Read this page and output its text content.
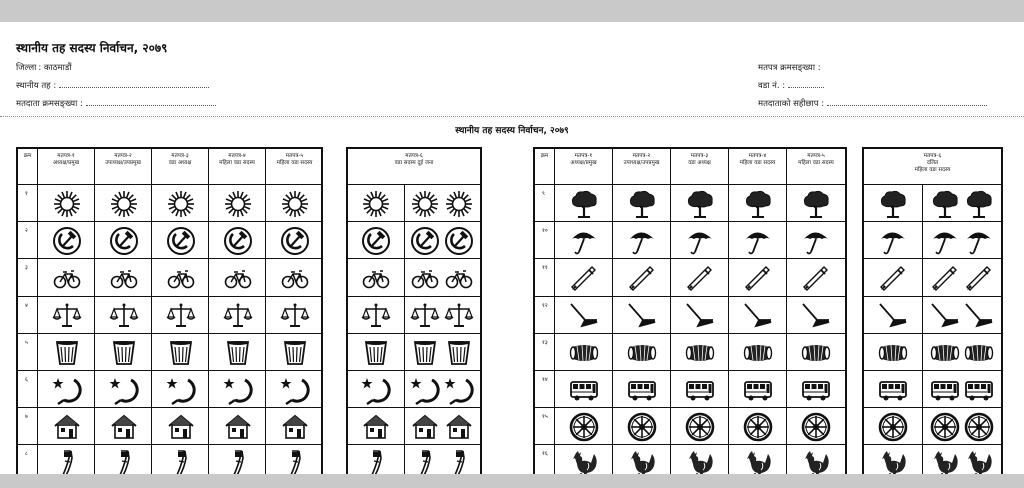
स्थानीय तह सदस्य निर्वाचन, २०७९
जिल्ला : काठमाडौं
स्थानीय तह :
मतदाता क्रमसङ्ख्या :
मतपत्र क्रमसङ्ख्या :
वडा नं. :
मतदाताको सहीछाप :
स्थानीय तह सदस्य निर्वाचन, २०७९
क्रम	मतपत्र-१
अध्यक्ष/प्रमुख
मतपत्र-२
उपाध्यक्ष/उपप्रमुख
मतपत्र-३
वडा अध्यक्ष
मतपत्र-४
महिला वडा सदस्य
मतपत्र-५
महिला वडा सदस्य
१
२
३
४
५
६
७
८
मतपत्र-६
वडा सदस्य दुई जना
क्रम	मतपत्र-१
अध्यक्ष/प्रमुख
मतपत्र-२
उपाध्यक्ष/उपप्रमुख
मतपत्र-३
वडा अध्यक्ष
मतपत्र-४
महिला वडा सदस्य
मतपत्र-५
महिला वडा सदस्य
९
१०
११
१२
१३
१४
१५
१६
मतपत्र-६
दलित
महिला वडा सदस्य
